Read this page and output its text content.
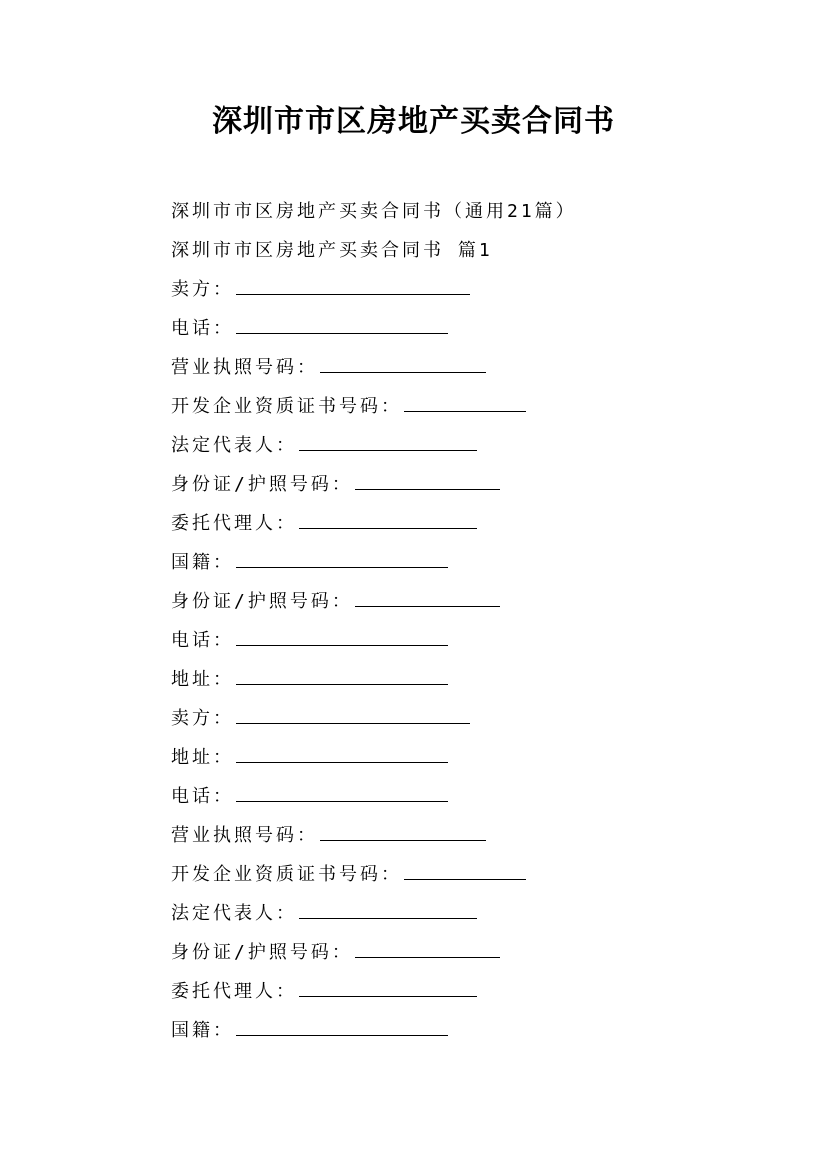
深圳市市区房地产买卖合同书
深圳市市区房地产买卖合同书（通用21篇）
深圳市市区房地产买卖合同书 篇1
卖方：
电话：
营业执照号码：
开发企业资质证书号码：
法定代表人：
身份证/护照号码：
委托代理人：
国籍：
身份证/护照号码：
电话：
地址：
卖方：
地址：
电话：
营业执照号码：
开发企业资质证书号码：
法定代表人：
身份证/护照号码：
委托代理人：
国籍：
